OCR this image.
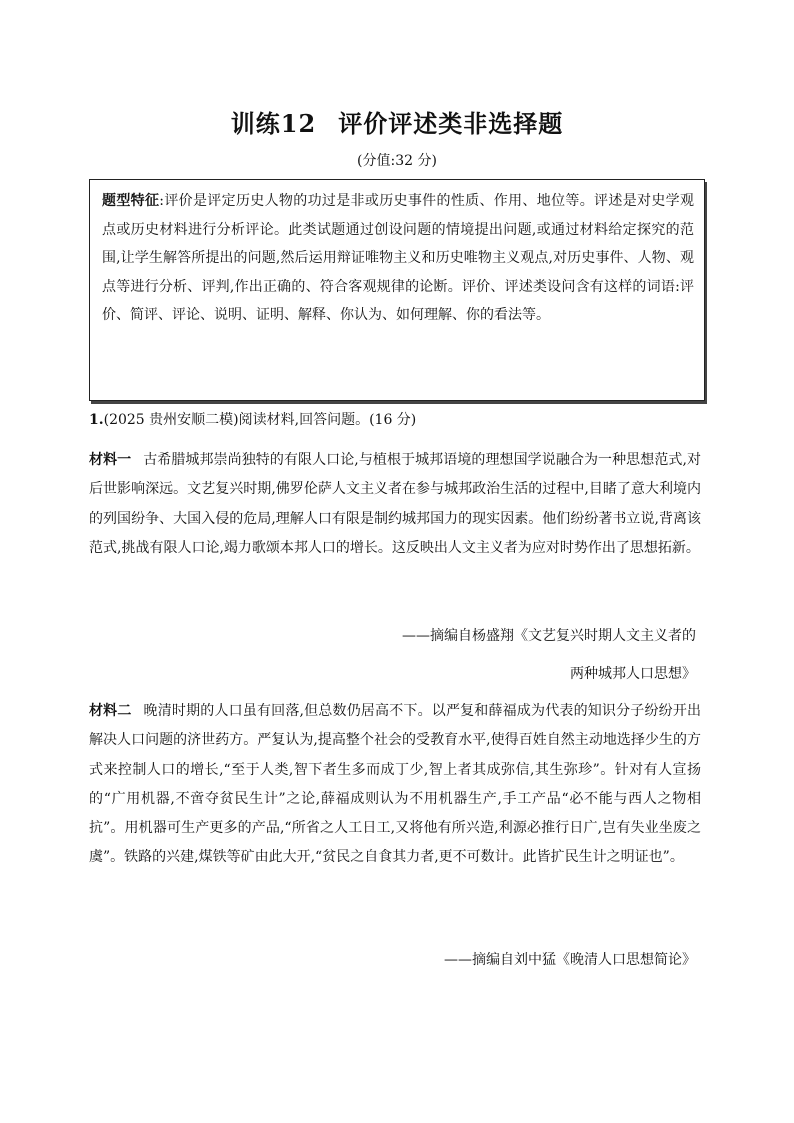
训练12 评价评述类非选择题
(分值:32 分)
题型特征:评价是评定历史人物的功过是非或历史事件的性质、作用、地位等。评述是对史学观点或历史材料进行分析评论。此类试题通过创设问题的情境提出问题,或通过材料给定探究的范围,让学生解答所提出的问题,然后运用辩证唯物主义和历史唯物主义观点,对历史事件、人物、观点等进行分析、评判,作出正确的、符合客观规律的论断。评价、评述类设问含有这样的词语:评价、简评、评论、说明、证明、解释、你认为、如何理解、你的看法等。
1.(2025 贵州安顺二模)阅读材料,回答问题。(16 分)
材料一 古希腊城邦崇尚独特的有限人口论,与植根于城邦语境的理想国学说融合为一种思想范式,对后世影响深远。文艺复兴时期,佛罗伦萨人文主义者在参与城邦政治生活的过程中,目睹了意大利境内的列国纷争、大国入侵的危局,理解人口有限是制约城邦国力的现实因素。他们纷纷著书立说,背离该范式,挑战有限人口论,竭力歌颂本邦人口的增长。这反映出人文主义者为应对时势作出了思想拓新。
——摘编自杨盛翔《文艺复兴时期人文主义者的
两种城邦人口思想》
材料二 晚清时期的人口虽有回落,但总数仍居高不下。以严复和薛福成为代表的知识分子纷纷开出解决人口问题的济世药方。严复认为,提高整个社会的受教育水平,使得百姓自然主动地选择少生的方式来控制人口的增长,“至于人类,智下者生多而成丁少,智上者其成弥信,其生弥珍”。针对有人宣扬的“广用机器,不啻夺贫民生计”之论,薛福成则认为不用机器生产,手工产品“必不能与西人之物相抗”。用机器可生产更多的产品,“所省之人工日工,又将他有所兴造,利源必推行日广,岂有失业坐废之虞”。铁路的兴建,煤铁等矿由此大开,“贫民之自食其力者,更不可数计。此皆扩民生计之明证也”。
——摘编自刘中猛《晚清人口思想简论》
